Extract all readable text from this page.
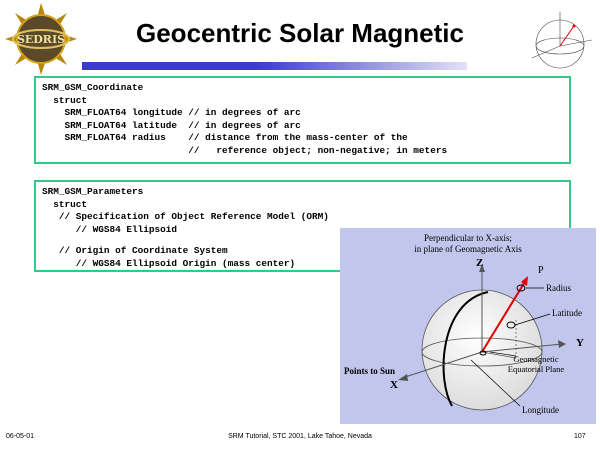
SEDRIS	Geocentric Solar Magnetic
SRM_GSM_Coordinate
struct
SRM_FLOAT64 longitude // in degrees of arc
SRM_FLOAT64 latitude  // in degrees of arc
SRM_FLOAT64 radius    // distance from the mass-center of the
//   reference object; non-negative; in meters
SRM_GSM_Parameters
struct
// Specification of Object Reference Model (ORM)
// WGS84 Ellipsoid
// Origin of Coordinate System
// WGS84 Ellipsoid Origin (mass center)
Perpendicular to X-axis;
in plane of Geomagnetic Axis
Z
P
Radius
Latitude
Y
Geomagnetic
Equatorial Plane
Points to Sun
X
Longitude
06-05-01	SRM Tutorial, STC 2001, Lake Tahoe, Nevada	107
